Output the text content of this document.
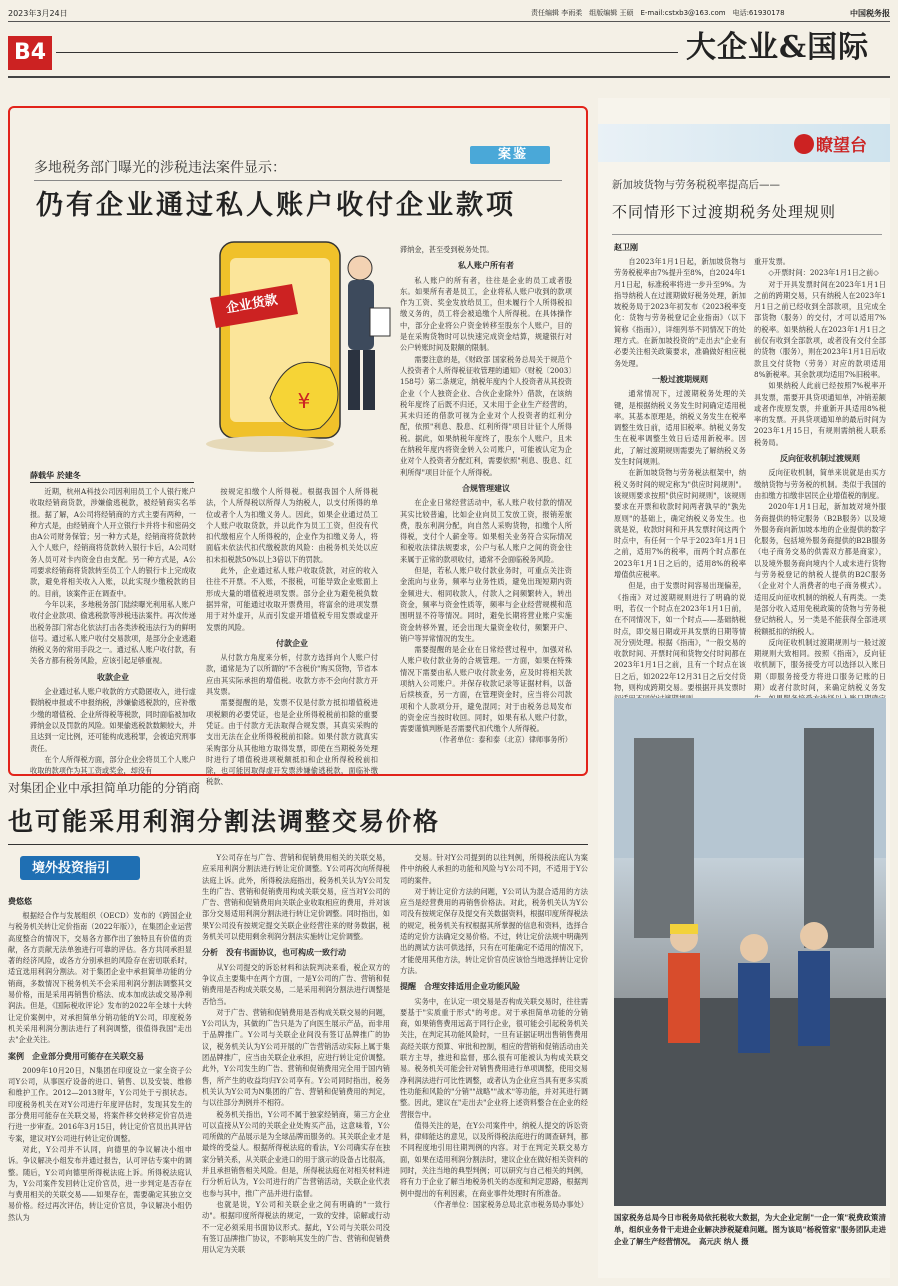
2023年3月24日	责任编辑 李雨柔　组版编辑 王硕　E-mail:cstxb3@163.com　电话:61930178	中国税务报
B4	大企业&国际
案鉴
多地税务部门曝光的涉税违法案件显示：
仍有企业通过私人账户收付企业款项
¥
企业货款
薛载华 於建冬

近期，杭州A科技公司因利用员工个人银行账户收取经销商货款，涉嫌偷逃税款，被经销商实名举报。据了解，A公司将经销商的方式主要有两种，一种方式是，由经销商个人开立银行卡并将卡和密码交由A公司财务保管；另一种方式是，经销商将货款转入个人账户，经销商将货款转入银行卡后，A公司财务人员可对卡内资金自由支配。另一种方式是，A公司要求经销商将货款转至员工个人的银行卡上完成收款，避免将相关收入入账，以此实现少缴税款的目的。目前，该案件正在调查中。

今年以来，多地税务部门陆续曝光利用私人账户收付企业款项、偷逃税款等涉税违法案件。再次传递出税务部门常态化依法打击各类涉税违法行为的鲜明信号。通过私人账户收付交易款项，是部分企业逃避纳税义务的常用手段之一。通过私人账户收付款，有关各方都有税务风险，应该引起足够重视。

收款企业

企业通过私人账户收款的方式隐匿收入，进行虚假纳税申报或不申报纳税，涉嫌偷逃税款的，应补缴少缴的增值税、企业所得税等税款，同时面临被加收滞纳金以及罚款的风险。如果偷逃税款数额较大，并且达到一定比例，还可能构成逃税罪，会被追究刑事责任。

在个人所得税方面，部分企业会将员工个人账户收取的款项作为其工资或奖金，却没有

按规定扣缴个人所得税。根据我国个人所得税法，个人所得税以所得人为纳税人，以支付所得的单位或者个人为扣缴义务人。因此，如果企业通过员工个人账户收取货款，并以此作为员工工资，但没有代扣代缴相应个人所得税的，企业作为扣缴义务人，将面临未依法代扣代缴税款的风险：由税务机关处以应扣未扣税款50%以上3倍以下的罚款。

此外，企业通过私人账户收取货款，对应的收入往往不开票。不入账，不报税，可能导致企业账面上形成大量的增值税进项发票。部分企业为避免税负数据异常，可能通过收取开票费用，将富余的进项发票用于对外虚开，从而引发虚开增值税专用发票或虚开发票的风险。

付款企业

从付款方角度来分析，付款方选择向个人账户付款，通常是为了以所谓的"不含税价"购买货物，节省本应由其实际承担的增值税。收款方亦不会向付款方开具发票。

需要提醒的是，发票不仅是付款方抵扣增值税进项税额的必要凭证，也是企业所得税税前扣除的重要凭证。由于付款方无法取得合规发票，其真实采购的支出无法在企业所得税税前扣除。如果付款方就真实采购部分从其他地方取得发票，即使在当期税务处理时进行了增值税进项税额抵扣和企业所得税税前扣除，也可能因取得虚开发票涉嫌偷逃税款，面临补缴税款、

滞纳金，甚至受到税务处罚。

私人账户所有者

私人账户的所有者，往往是企业的员工或者股东。如果所有者是员工，企业将私人账户收到的款项作为工资、奖金发放给员工，但未履行个人所得税扣缴义务的，员工将会被追缴个人所得税。在具体操作中，部分企业将公户资金转移至股东个人账户，目的是在采购货物时可以快速完成资金结算，规避银行对公户转账时间及限额的限制。

需要注意的是，《财政部 国家税务总局关于规范个人投资者个人所得税征收管理的通知》（财税〔2003〕158号）第二条规定，纳税年度内个人投资者从其投资企业（个人独资企业、合伙企业除外）借款，在该纳税年度终了后既不归还，又未用于企业生产经营的，其未归还的借款可视为企业对个人投资者的红利分配，依照"利息、股息、红利所得"项目计征个人所得税。据此，如果纳税年度终了，股东个人账户，且未在纳税年度内将资金转入公司账户，可能被认定为企业对个人投资者分配红利，需要依照"利息、股息、红利所得"项目计征个人所得税。

合规管理建议

在企业日常经营活动中，私人账户收付款的情况其实比较普遍，比如企业向员工发放工资，报销差旅费，股东利润分配，向自然人采购货物，扣缴个人所得税，支付个人薪金等。如果相关业务符合实际情况和税收法律法规要求，公户与私人账户之间的资金往来属于正常的款项收付，通常不会面临税务风险。

但是，若私人账户收付款业务时，可重点关注资金流向与业务，频率与业务性质，避免出现短期内资金频进大、相同收款人，付款人之间频繁转入，转出资金，频率与资金性质等，频率与企业经营规模和范围明显不符等情况。同时，避免长期将营业账户实施资金转移外置，还会出现大量资金收付，频繁开户、销户等异常情况的发生。

需要提醒的是企业在日常经营过程中，加强对私人账户收付款业务的合规管理。一方面，如果在特殊情况下需要由私人账户收付款业务，应及时将相关款项纳入公司账户。并保存收款记录等证据材料，以备后续核查，另一方面，在管理资金时，应当将公司款项和个人款项分开，避免混同；对于由税务总局发布的资金应当按时收回。同时，如果有私人账户付款，需要谨慎判断是否需要代扣代缴个人所得税。

（作者单位：泰和泰（北京）律师事务所）

瞭望台
新加坡货物与劳务税税率提高后——
不同情形下过渡期税务处理规则
赵卫刚

自2023年1月1日起，新加坡货物与劳务税税率由7%提升至8%，自2024年1月1日起，标准税率将进一步升至9%。为指导纳税人在过渡期做好税务处理，新加坡税务局于2023年初发布《2023税率变化：货物与劳务税登记企业指南》（以下简称《指南》），详细列举不同情况下的处理方式。在新加坡投资的"走出去"企业有必要关注相关政策要求，准确做好相应税务处理。

一般过渡期规则

通常情况下，过渡期税务处理的关键，是根据纳税义务发生时间确定适用税率。其基本原理是，纳税义务发生在税率调整生效日前，适用旧税率。纳税义务发生在税率调整生效日后适用新税率。因此，了解过渡期规则需要先了解纳税义务发生时间规则。

在新加坡货物与劳务税法框架中，纳税义务时间的规定称为"供应时间规则"。该规则要求按照"供应时间规则"，该规则要求在开票和收款时间两者孰早的"孰先原则"的基础上，确定纳税义务发生。也就是说，收款时间和开具发票时间这两个时点中，有任何一个早于2023年1月1日之前，适用7%的税率，而两个时点都在2023年1月1日之后的，适用8%的税率增值供应税率。

但是，由于发票时间容易出现偏差，《指南》对过渡期规则进行了明确的说明，若仅一个时点在2023年1月1日前，在不同情况下，如一个时点——基础纳税时点，即交易日期或开具发票的日期等情况分别处理。根据《指南》，"一般交易的收款时间、开票时间和货物交付时间都在2023年1月1日之前，且有一个时点在该日之后，如2022年12月31日之后交付货物，则构成跨期交易。要根据开具发票时

重开发票。

◇开票时间：2023年1月1日之前◇

对于开具发票时间在2023年1月1日之前的跨期交易，只有纳税人在2023年1月1日之前已经收到全部款项，且完成全部货物（服务）的交付，才可以适用7%的税率。如果纳税人在2023年1月1日之前仅有收到全部款项，或者没有交付全部的货物（服务），则在2023年1月1日后收款且交付货物（劳务）对应的款项适用8%新税率。其余款项均适用7%旧税率。

如果纳税人此前已经按照7%税率开具发票，需要开具贷项通知单，冲销差额或者作废原发票，并重新开具适用8%税率的发票。开具贷项通知单的最后时间为2023年1月15日，有规则需纳税人联系税务局。

反向征收机制过渡规则

反向征收机制，简单来说就是由买方缴纳货物与劳务税的机制。类似于我国的由扣缴方扣缴非居民企业增值税的制度。

2020年1月1日起，新加坡对境外服务商提供的特定服务（B2B服务）以及境外服务商向新加坡本地的企业提供的数字化服务，包括境外服务商提供的B2B服务（电子商务交易的供需双方都是商家），以及境外服务商向境内个人或未进行货物与劳务税登记的纳税人提供的B2C服务（企业对个人消费者的电子商务模式）。适用反向征收机制的纳税人有两类。一类是部分收入适用免税政策的货物与劳务税登记纳税人，另一类是不能获得全部进项税额抵扣的纳税人。

反向征收机制过渡期规则与一般过渡期规则大致相同。按照《指南》，反向征收机制下，服务接受方可以选择以入账日期（即服务接受方将进口服务记账的日期）或者付款时间，来确定纳税义务发

国家税务总局今日市税务局依托税收大数据，为大企业定制"一企一策"税费政策清单，组织业务骨干走进企业解决涉税疑难问题。图为该局"杨税管家"服务团队走进企业了解生产经营情况。　高元庆 纳人 摄
对集团企业中承担简单功能的分销商
也可能采用利润分割法调整交易价格
境外投资指引
费悠悠

根据经合作与发展组织（OECD）发布的《跨国企业与税务机关转让定价指南（2022年版）》，在集团企业运营高度整合的情况下，交易各方都作出了独特且有价值的贡献，各方贡献无法单独进行可靠的评估。各方共同承担显著的经济风险，或各方分别承担的风险存在密切联系时，适宜选用利润分割法。对于集团企业中承担简单功能的分销商，多数情况下税务机关不会采用利润分割法调整其交易价格，而是采用再销售价格法、成本加成法或交易净利润法。但是，《国际税收评论》发布的2022年全球十大转让定价案例中，对承担简单分销功能的Y公司，印度税务机关采用利润分割法进行了利润调整，很值得我国"走出去"企业关注。

案例　企业部分费用可能存在关联交易

2009年10月20日，N集团在印度设立一家全资子公司Y公司，从事医疗设备的进口、销售、以及安装、维修和维护工作。2012—2013财年，Y公司处于亏损状态。印度税务机关在对Y公司进行年度评估时，发现其发生的部分费用可能存在关联交易，将案件移交转移定价官员进行进一步审查。2016年3月15日，转让定价官员出具评估专案，建议对Y公司进行转让定价调整。

对此，Y公司并不认同，向德里的争议解决小组申诉。争议解决小组发布并通过报告，认可评估专案中的调整。随后，Y公司向德里所得税法庭上诉。所得税法庭认为，Y公司案件发回转让定价官员，进一步判定是否存在与费用相关的关联交易——如果存在，需要确定其独立交易价格。经过再次评估，转让定价官员，争议解决小组仍然认为

Y公司存在与广告、营销和促销费用相关的关联交易，应采用利润分割法进行转让定价调整。Y公司再次向所得税法庭上诉。此外，所得税法庭指出，税务机关认为Y公司发生的广告、营销和促销费用构成关联交易，应当对Y公司的广告、营销和促销费用向关联企业收取相应的费用，并对该部分交易适用利润分割法进行转让定价调整。同时指出，如果Y公司没有按规定提交关联企业经营往来的财务数据，税务机关可以使用剩余利润分割法实施转让定价调整。

分析　没有书面协议，也可构成一致行动

从Y公司提交的诉讼材料和法院判决来看，税企双方的争议点主要集中在两个方面，一是Y公司的广告、营销和促销费用是否构成关联交易，二是采用利润分割法进行调整是否恰当。

对于广告、营销和促销费用是否构成关联交易的问题，Y公司认为，其做的广告只是为了向医生展示产品，而非用于品牌推广。Y公司与关联企业间没有签订品牌推广的协议，税务机关认为Y公司开展的广告营销活动实际上属于集团品牌推广，应当由关联企业承担，应进行转让定价调整。此外，Y公司发生的广告、营销和促销费用完全用于国内销售，所产生的收益均归Y公司享有。Y公司同时指出，税务机关认为Y公司为N集团的广告、营销和促销费用的判定，与以往部分判例并不相符。

税务机关指出，Y公司不属于独家经销商，第三方企业可以直接从Y公司的关联企业处购买产品，这意味着，Y公司所做的产品展示是为全球品牌而服务的。其关联企业才是最终的受益人。根据所得税法庭的看法，Y公司确实存在独家分销关系，从关联企业进口的用于演示的设备占比很高，并且承担销售相关风险。但是，所得税法庭在对相关材料进行分析后认为，Y公司进行的广告营销活动，关联企业代表也参与其中，推广产品并进行监督。

也就是说，Y公司和关联企业之间有明确的"一致行动"。根据印度所得税法的规定，一致的安排，谅解或行动不一定必须采用书面协议形式。据此，Y公司与关联公司没有签订品牌推广协议，不影响其发生的广告、营销和促销费用认定为关联

交易。针对Y公司提到的以往判例，所得税法庭认为案件中纳税人承担的功能和风险与Y公司不同，不适用于Y公司的案件。

对于转让定价方法的问题，Y公司认为混合适用的方法应当是经营费用的再销售价格法。对此，税务机关认为Y公司没有按规定保存及提交有关数据资料，根据印度所得税法的规定，税务机关有权根据其所掌握的信息和资料，选择合适的定价方法确定交易价格。不过，转让定价法规中明确列出的测试方法可供选择，只有在可能确定不适用的情况下，才能使用其他方法，转让定价官员应该恰当地选择转让定价方法。

提醒　合理安排适用企业功能风险

实务中，在认定一项交易是否构成关联交易时，往往需要基于"实质重于形式"的考虑。对于承担简单功能的分销商，如果销售费用远高于同行企业，很可能会引起税务机关关注，在判定其功能风险时，一旦有证据证明出售销售费用高经关联方预算、审批和控制，相应的营销和促销活动由关联方主导，推进和监督，那么很有可能被认为构成关联交易。税务机关可能会针对销售费用进行单项调整，使用交易净利润法进行可比性调整，或者认为企业应当具有更多实质性功能和风险的"分销""战略""战术"等功能，并对其进行调整。因此，建议在"走出去"企业将上述资料整合在企业的经营报告中。

值得关注的是，在Y公司案件中，纳税人提交的诉讼资料，律师能达的意见，以及所得税法庭进行的调查研判，都不同程度地引用往期判例的内容。对于在判定关联交易方面，如果在适用利润分割法时，建议企业在做好相关资料的同时，关注当地的典型判例；可以研究与自己相关的判例，将有力于企业了解当地税务机关的态度和判定思路，根据判例中提出的有利因素，在商业事件处理时有所准备。

（作者单位：国家税务总局北京市税务局办事处）
